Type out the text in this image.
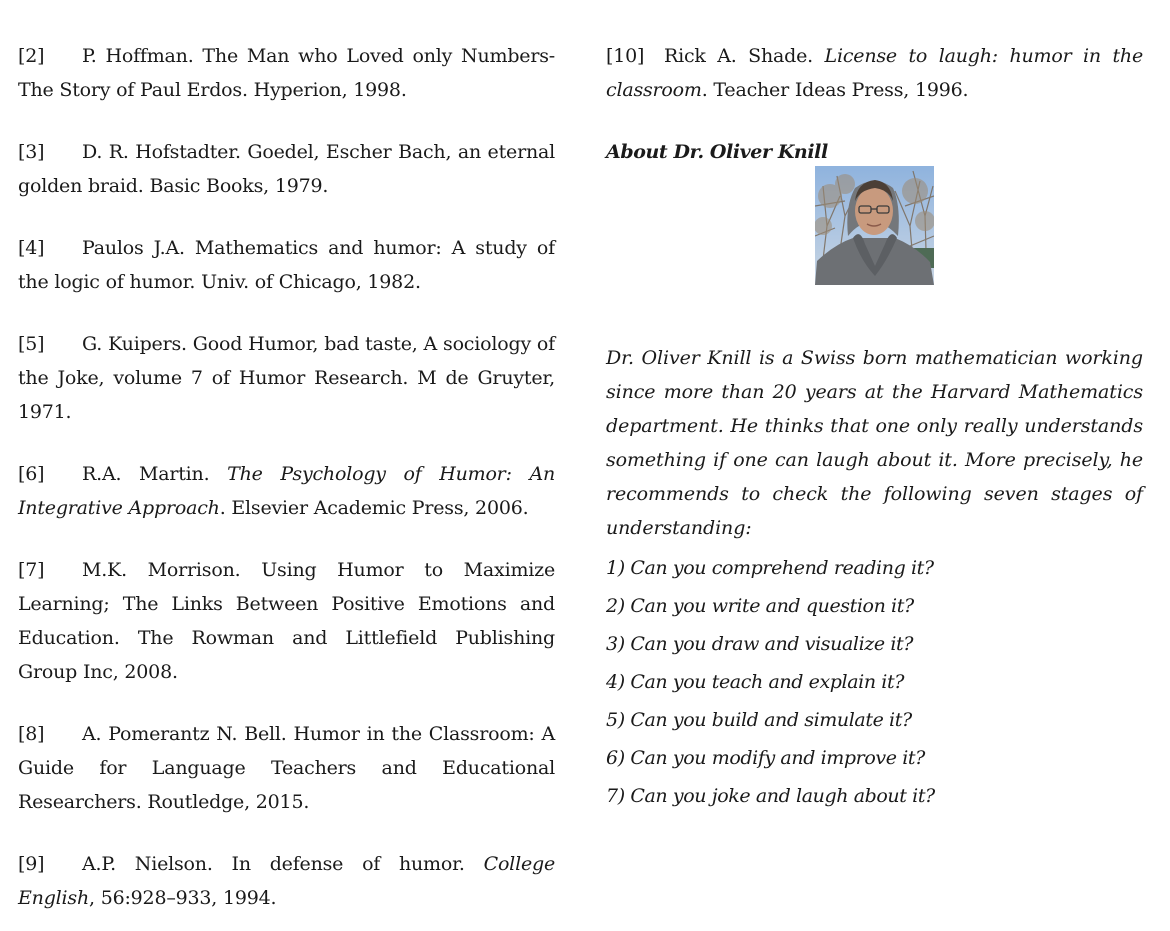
[2] P. Hoffman. The Man who Loved only Numbers-The Story of Paul Erdos. Hyperion, 1998.

[3] D. R. Hofstadter. Goedel, Escher Bach, an eternal golden braid. Basic Books, 1979.

[4] Paulos J.A. Mathematics and humor: A study of the logic of humor. Univ. of Chicago, 1982.

[5] G. Kuipers. Good Humor, bad taste, A sociology of the Joke, volume 7 of Humor Research. M de Gruyter, 1971.

[6] R.A. Martin. The Psychology of Humor: An Integrative Approach. Elsevier Academic Press, 2006.

[7] M.K. Morrison. Using Humor to Maximize Learning; The Links Between Positive Emotions and Education. The Rowman and Littlefield Publishing Group Inc, 2008.

[8] A. Pomerantz N. Bell. Humor in the Classroom: A Guide for Language Teachers and Educational Researchers. Routledge, 2015.

[9] A.P. Nielson. In defense of humor. College English, 56:928–933, 1994.

[10] Rick A. Shade. License to laugh: humor in the classroom. Teacher Ideas Press, 1996.

About Dr. Oliver Knill

Dr. Oliver Knill is a Swiss born mathematician working since more than 20 years at the Harvard Mathematics department. He thinks that one only really understands something if one can laugh about it. More precisely, he recommends to check the following seven stages of understanding:

1) Can you comprehend reading it?
2) Can you write and question it?
3) Can you draw and visualize it?
4) Can you teach and explain it?
5) Can you build and simulate it?
6) Can you modify and improve it?
7) Can you joke and laugh about it?
